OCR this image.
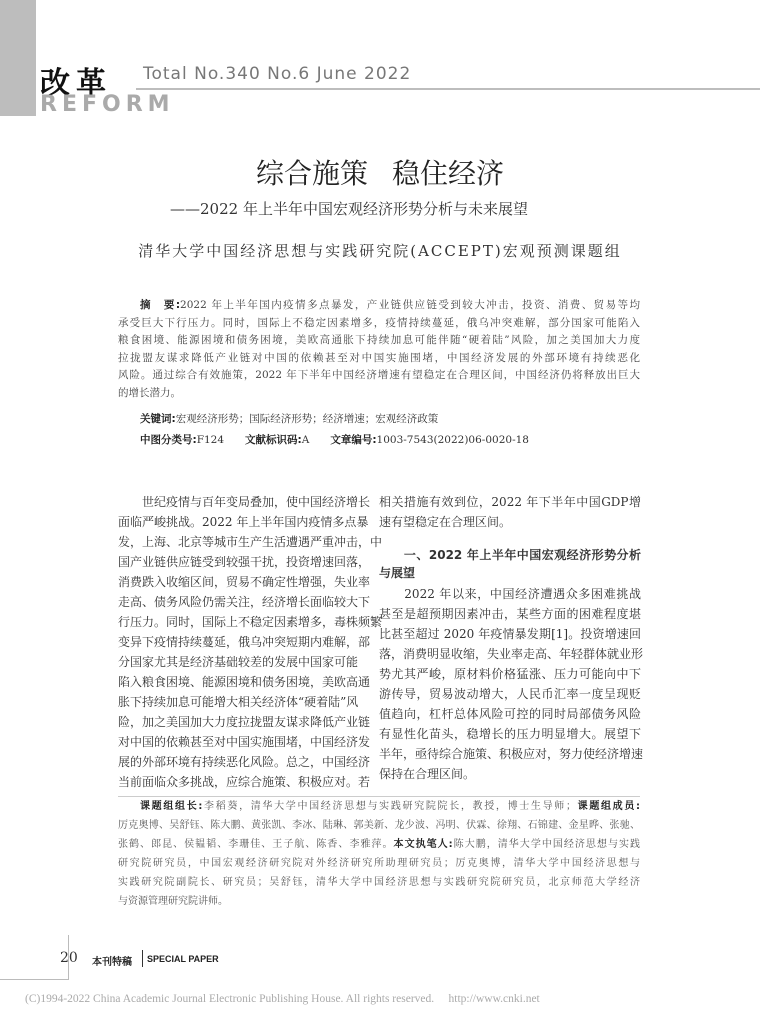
改革 Total No.340 No.6 June 2022
REFORM
综合施策 稳住经济
——2022 年上半年中国宏观经济形势分析与未来展望
清华大学中国经济思想与实践研究院(ACCEPT)宏观预测课题组
摘　要:2022 年上半年国内疫情多点暴发，产业链供应链受到较大冲击，投资、消费、贸易等均
承受巨大下行压力。同时，国际上不稳定因素增多，疫情持续蔓延，俄乌冲突难解，部分国家可能陷入
粮食困境、能源困境和债务困境，美欧高通胀下持续加息可能伴随“硬着陆”风险，加之美国加大力度
拉拢盟友谋求降低产业链对中国的依赖甚至对中国实施围堵，中国经济发展的外部环境有持续恶化
风险。通过综合有效施策，2022 年下半年中国经济增速有望稳定在合理区间，中国经济仍将释放出巨大
的增长潜力。
关键词:宏观经济形势；国际经济形势；经济增速；宏观经济政策
中图分类号:F124   文献标识码:A   文章编号:1003-7543(2022)06-0020-18
　　世纪疫情与百年变局叠加，使中国经济增长
面临严峻挑战。2022 年上半年国内疫情多点暴
发，上海、北京等城市生产生活遭遇严重冲击，中
国产业链供应链受到较强干扰，投资增速回落，
消费跌入收缩区间，贸易不确定性增强，失业率
走高、债务风险仍需关注，经济增长面临较大下
行压力。同时，国际上不稳定因素增多，毒株频繁
变异下疫情持续蔓延，俄乌冲突短期内难解，部
分国家尤其是经济基础较差的发展中国家可能
陷入粮食困境、能源困境和债务困境，美欧高通
胀下持续加息可能增大相关经济体“硬着陆”风
险，加之美国加大力度拉拢盟友谋求降低产业链
对中国的依赖甚至对中国实施围堵，中国经济发
展的外部环境有持续恶化风险。总之，中国经济
当前面临众多挑战，应综合施策、积极应对。若
相关措施有效到位，2022 年下半年中国GDP增
速有望稳定在合理区间。
　　一、2022 年上半年中国宏观经济形势分析
与展望
　　2022 年以来，中国经济遭遇众多困难挑战
甚至是超预期因素冲击，某些方面的困难程度堪
比甚至超过 2020 年疫情暴发期[1]。投资增速回
落，消费明显收缩，失业率走高、年轻群体就业形
势尤其严峻，原材料价格猛涨、压力可能向中下
游传导，贸易波动增大，人民币汇率一度呈现贬
值趋向，杠杆总体风险可控的同时局部债务风险
有显性化苗头，稳增长的压力明显增大。展望下
半年，亟待综合施策、积极应对，努力使经济增速
保持在合理区间。
课题组组长:李稻葵，清华大学中国经济思想与实践研究院院长，教授，博士生导师；课题组成员:
厉克奥博、吴舒钰、陈大鹏、黄张凯、李冰、陆琳、郭美新、龙少波、冯明、伏霖、徐翔、石锦建、金星晔、张驰、
张鹤、郎昆、侯韫韬、李珊佳、王子航、陈香、李雅萍。本文执笔人:陈大鹏，清华大学中国经济思想与实践
研究院研究员，中国宏观经济研究院对外经济研究所助理研究员；厉克奥博，清华大学中国经济思想与
实践研究院副院长、研究员；吴舒钰，清华大学中国经济思想与实践研究院研究员，北京师范大学经济
与资源管理研究院讲师。
20 本刊特稿 SPECIAL PAPER
(C)1994-2022 China Academic Journal Electronic Publishing House. All rights reserved.　 http://www.cnki.net
